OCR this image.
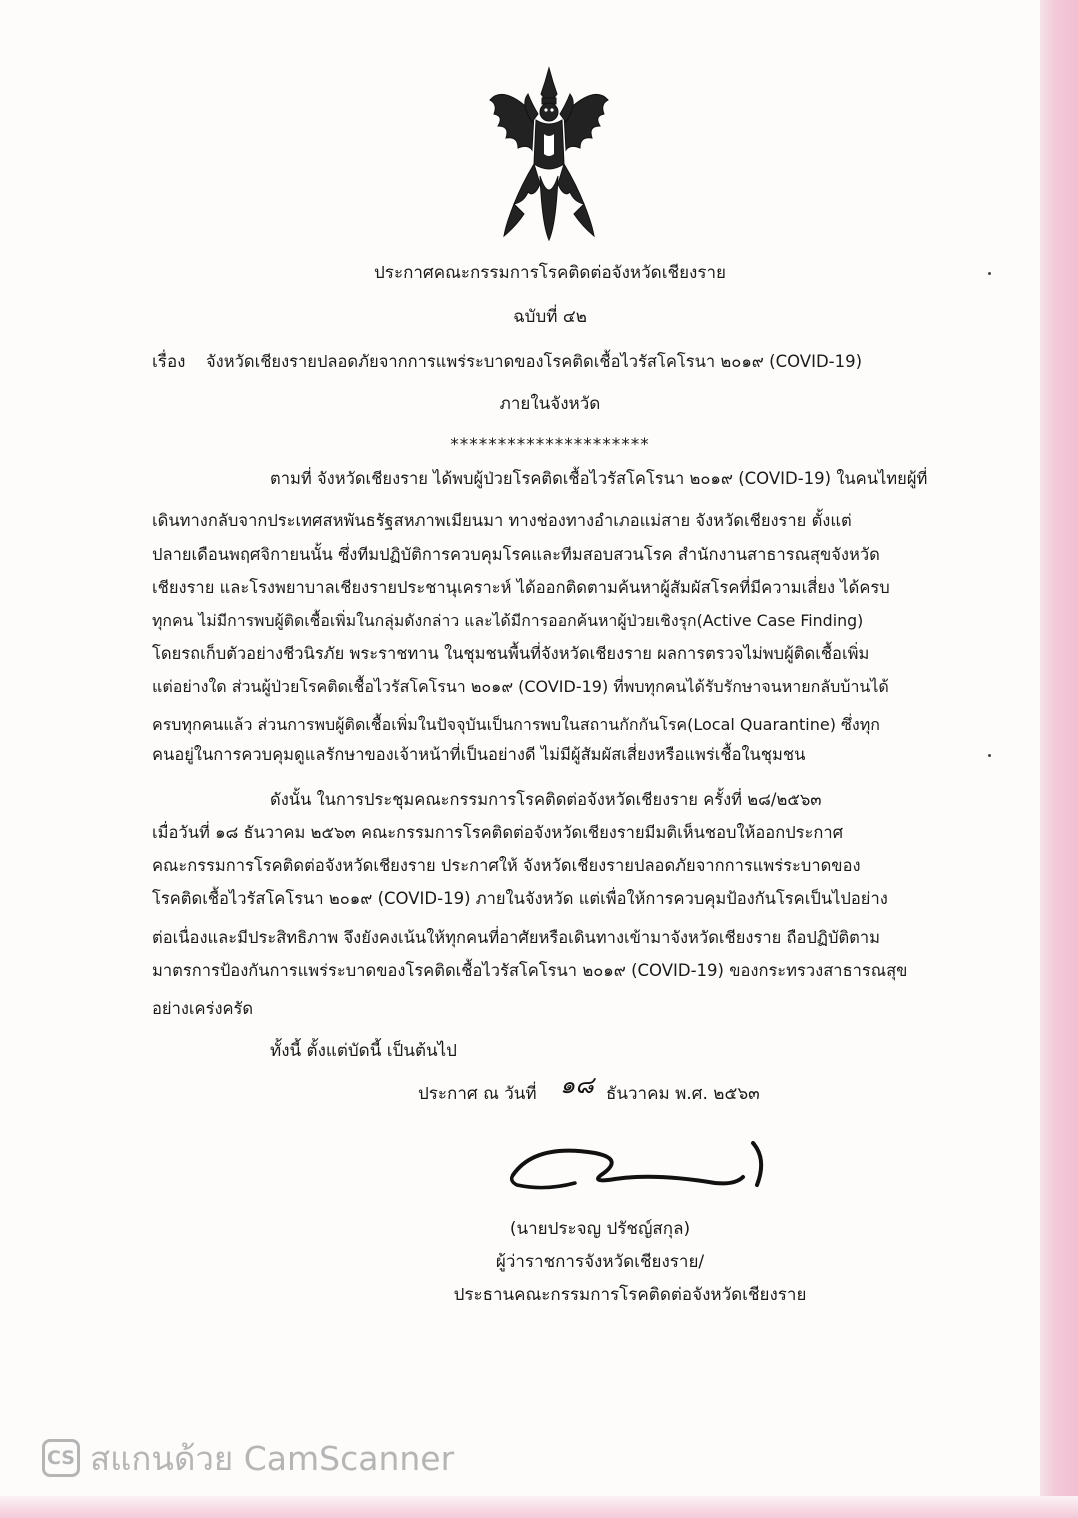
ประกาศคณะกรรมการโรคติดต่อจังหวัดเชียงราย
ฉบับที่ ๔๒
เรื่อง จังหวัดเชียงรายปลอดภัยจากการแพร่ระบาดของโรคติดเชื้อไวรัสโคโรนา ๒๐๑๙ (COVID-19)
ภายในจังหวัด
*********************
ตามที่ จังหวัดเชียงราย ได้พบผู้ป่วยโรคติดเชื้อไวรัสโคโรนา ๒๐๑๙ (COVID-19) ในคนไทยผู้ที่
เดินทางกลับจากประเทศสหพันธรัฐสหภาพเมียนมา ทางช่องทางอำเภอแม่สาย จังหวัดเชียงราย ตั้งแต่
ปลายเดือนพฤศจิกายนนั้น ซึ่งทีมปฏิบัติการควบคุมโรคและทีมสอบสวนโรค สำนักงานสาธารณสุขจังหวัด
เชียงราย และโรงพยาบาลเชียงรายประชานุเคราะห์ ได้ออกติดตามค้นหาผู้สัมผัสโรคที่มีความเสี่ยง ได้ครบ
ทุกคน ไม่มีการพบผู้ติดเชื้อเพิ่มในกลุ่มดังกล่าว และได้มีการออกค้นหาผู้ป่วยเชิงรุก(Active Case Finding)
โดยรถเก็บตัวอย่างชีวนิรภัย พระราชทาน ในชุมชนพื้นที่จังหวัดเชียงราย ผลการตรวจไม่พบผู้ติดเชื้อเพิ่ม
แต่อย่างใด ส่วนผู้ป่วยโรคติดเชื้อไวรัสโคโรนา ๒๐๑๙ (COVID-19) ที่พบทุกคนได้รับรักษาจนหายกลับบ้านได้
ครบทุกคนแล้ว ส่วนการพบผู้ติดเชื้อเพิ่มในปัจจุบันเป็นการพบในสถานกักกันโรค(Local Quarantine) ซึ่งทุก
คนอยู่ในการควบคุมดูแลรักษาของเจ้าหน้าที่เป็นอย่างดี ไม่มีผู้สัมผัสเสี่ยงหรือแพร่เชื้อในชุมชน
ดังนั้น ในการประชุมคณะกรรมการโรคติดต่อจังหวัดเชียงราย ครั้งที่ ๒๘/๒๕๖๓
เมื่อวันที่ ๑๘ ธันวาคม ๒๕๖๓ คณะกรรมการโรคติดต่อจังหวัดเชียงรายมีมติเห็นชอบให้ออกประกาศ
คณะกรรมการโรคติดต่อจังหวัดเชียงราย ประกาศให้ จังหวัดเชียงรายปลอดภัยจากการแพร่ระบาดของ
โรคติดเชื้อไวรัสโคโรนา ๒๐๑๙ (COVID-19) ภายในจังหวัด แต่เพื่อให้การควบคุมป้องกันโรคเป็นไปอย่าง
ต่อเนื่องและมีประสิทธิภาพ จึงยังคงเน้นให้ทุกคนที่อาศัยหรือเดินทางเข้ามาจังหวัดเชียงราย ถือปฏิบัติตาม
มาตรการป้องกันการแพร่ระบาดของโรคติดเชื้อไวรัสโคโรนา ๒๐๑๙ (COVID-19) ของกระทรวงสาธารณสุข
อย่างเคร่งครัด
ทั้งนี้ ตั้งแต่บัดนี้ เป็นต้นไป
ประกาศ ณ วันที่ ๑๘ ธันวาคม พ.ศ. ๒๕๖๓
(นายประจญ ปรัชญ์สกุล)
ผู้ว่าราชการจังหวัดเชียงราย/
ประธานคณะกรรมการโรคติดต่อจังหวัดเชียงราย
CS สแกนด้วย CamScanner
